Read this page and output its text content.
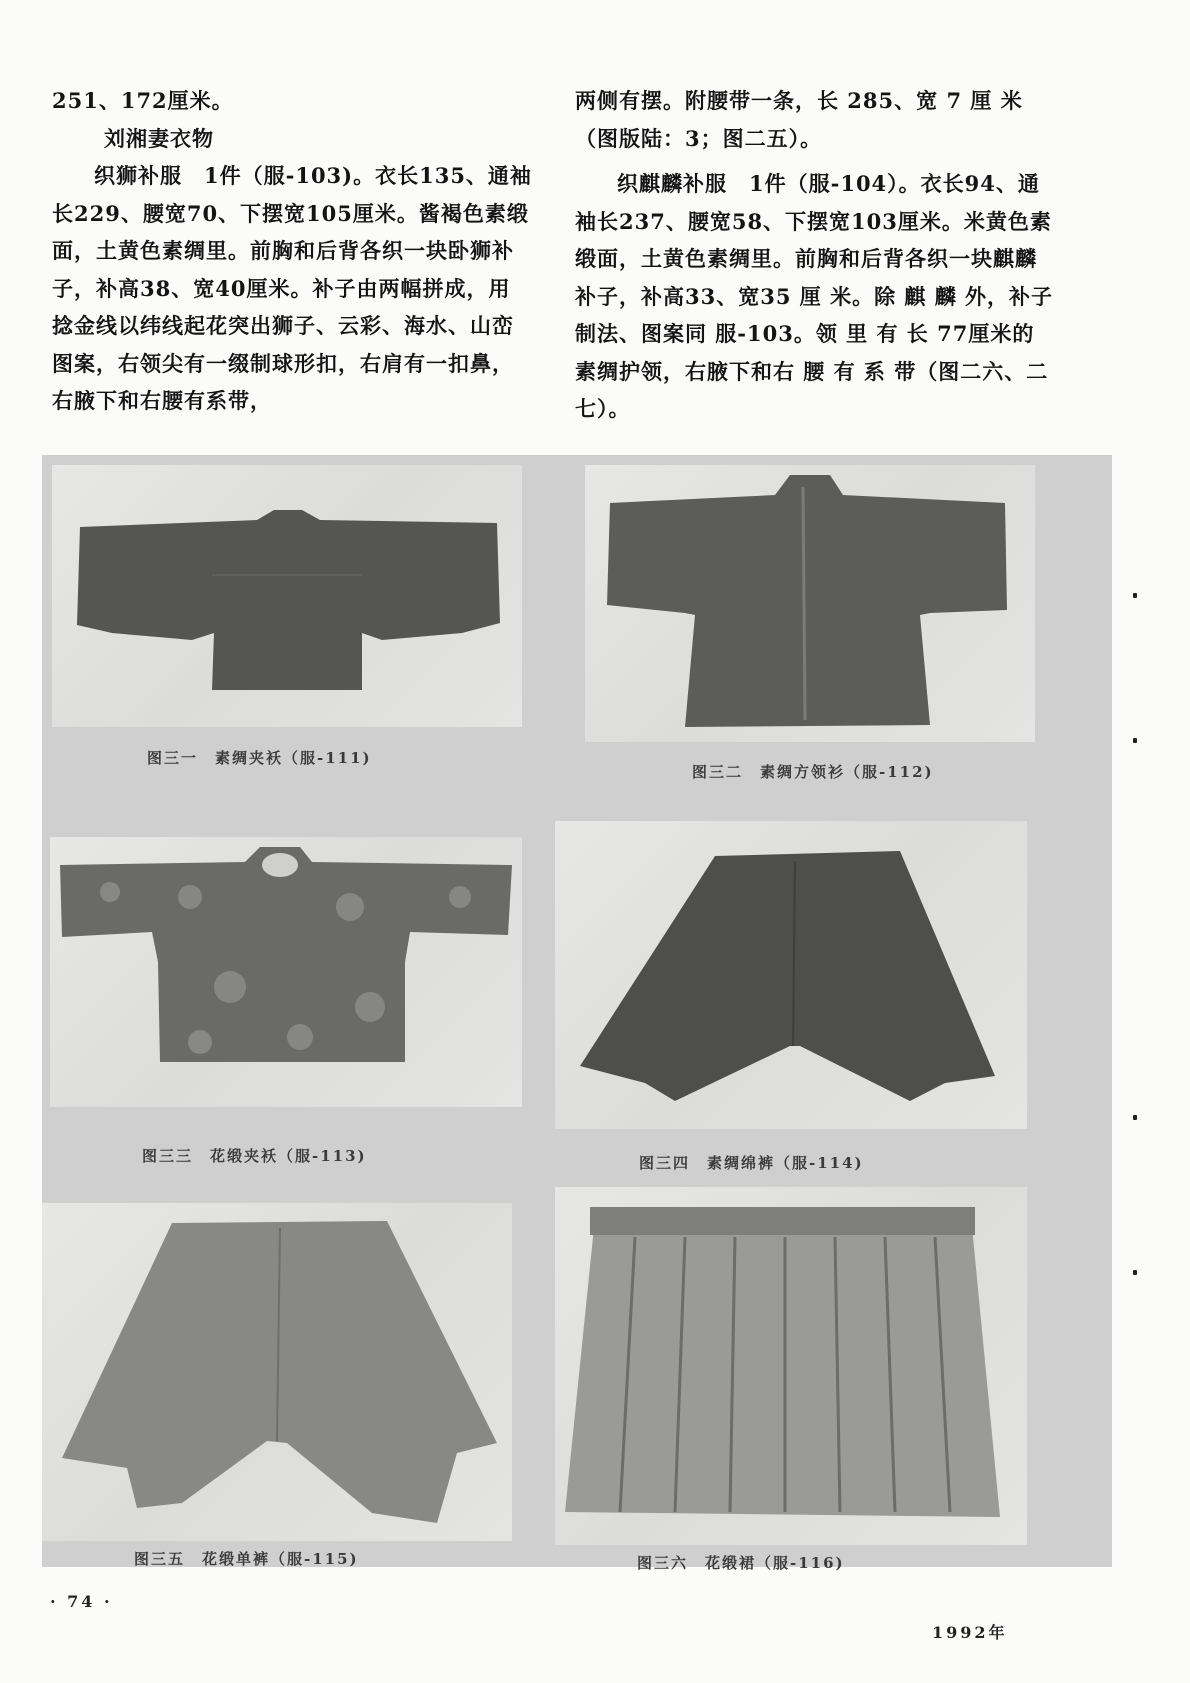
251、172厘米。

刘湘妻衣物

织狮补服　1件（服-103)。衣长135、通袖长229、腰宽70、下摆宽105厘米。酱褐色素缎面，土黄色素绸里。前胸和后背各织一块卧狮补子，补高38、宽40厘米。补子由两幅拼成，用捻金线以纬线起花突出狮子、云彩、海水、山峦图案，右领尖有一缀制球形扣，右肩有一扣鼻，右腋下和右腰有系带，

两侧有摆。附腰带一条，长 285、宽 7 厘 米（图版陆：3；图二五）。

织麒麟补服　1件（服-104）。衣长94、通袖长237、腰宽58、下摆宽103厘米。米黄色素缎面，土黄色素绸里。前胸和后背各织一块麒麟补子，补高33、宽35 厘 米。除 麒 麟 外，补子制法、图案同 服-103。领 里 有 长 77厘米的素绸护领，右腋下和右 腰 有 系 带（图二六、二七）。

图三一　素绸夹袄（服-111)
图三二　素绸方领衫（服-112)
图三三　花缎夹袄（服-113)	图三四　素绸绵裤（服-114)
图三五　花缎单裤（服-115)	图三六　花缎裙（服-116)
· 74 ·
1992年
